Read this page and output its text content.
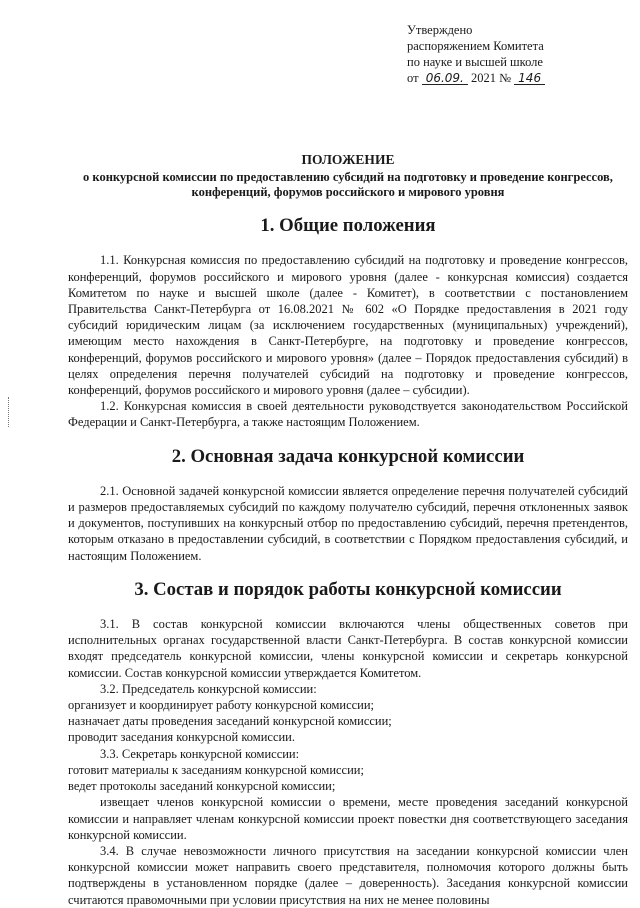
Утверждено
распоряжением Комитета
по науке и высшей школе
от 06.09. 2021 № 146
ПОЛОЖЕНИЕ

о конкурсной комиссии по предоставлению субсидий на подготовку и проведение конгрессов, конференций, форумов российского и мирового уровня

1. Общие положения

1.1. Конкурсная комиссия по предоставлению субсидий на подготовку и проведение конгрессов, конференций, форумов российского и мирового уровня (далее - конкурсная комиссия) создается Комитетом по науке и высшей школе (далее - Комитет), в соответствии с постановлением Правительства Санкт-Петербурга от 16.08.2021 № 602 «О Порядке предоставления в 2021 году субсидий юридическим лицам (за исключением государственных (муниципальных) учреждений), имеющим место нахождения в Санкт-Петербурге, на подготовку и проведение конгрессов, конференций, форумов российского и мирового уровня» (далее – Порядок предоставления субсидий) в целях определения перечня получателей субсидий на подготовку и проведение конгрессов, конференций, форумов российского и мирового уровня (далее – субсидии).

1.2. Конкурсная комиссия в своей деятельности руководствуется законодательством Российской Федерации и Санкт-Петербурга, а также настоящим Положением.

2. Основная задача конкурсной комиссии

2.1. Основной задачей конкурсной комиссии является определение перечня получателей субсидий и размеров предоставляемых субсидий по каждому получателю субсидий, перечня отклоненных заявок и документов, поступивших на конкурсный отбор по предоставлению субсидий, перечня претендентов, которым отказано в предоставлении субсидий, в соответствии с Порядком предоставления субсидий, и настоящим Положением.

3. Состав и порядок работы конкурсной комиссии

3.1. В состав конкурсной комиссии включаются члены общественных советов при исполнительных органах государственной власти Санкт-Петербурга. В состав конкурсной комиссии входят председатель конкурсной комиссии, члены конкурсной комиссии и секретарь конкурсной комиссии. Состав конкурсной комиссии утверждается Комитетом.

3.2. Председатель конкурсной комиссии:

организует и координирует работу конкурсной комиссии;

назначает даты проведения заседаний конкурсной комиссии;

проводит заседания конкурсной комиссии.

3.3. Секретарь конкурсной комиссии:

готовит материалы к заседаниям конкурсной комиссии;

ведет протоколы заседаний конкурсной комиссии;

извещает членов конкурсной комиссии о времени, месте проведения заседаний конкурсной комиссии и направляет членам конкурсной комиссии проект повестки дня соответствующего заседания конкурсной комиссии.

3.4. В случае невозможности личного присутствия на заседании конкурсной комиссии член конкурсной комиссии может направить своего представителя, полномочия которого должны быть подтверждены в установленном порядке (далее – доверенность). Заседания конкурсной комиссии считаются правомочными при условии присутствия на них не менее половины
